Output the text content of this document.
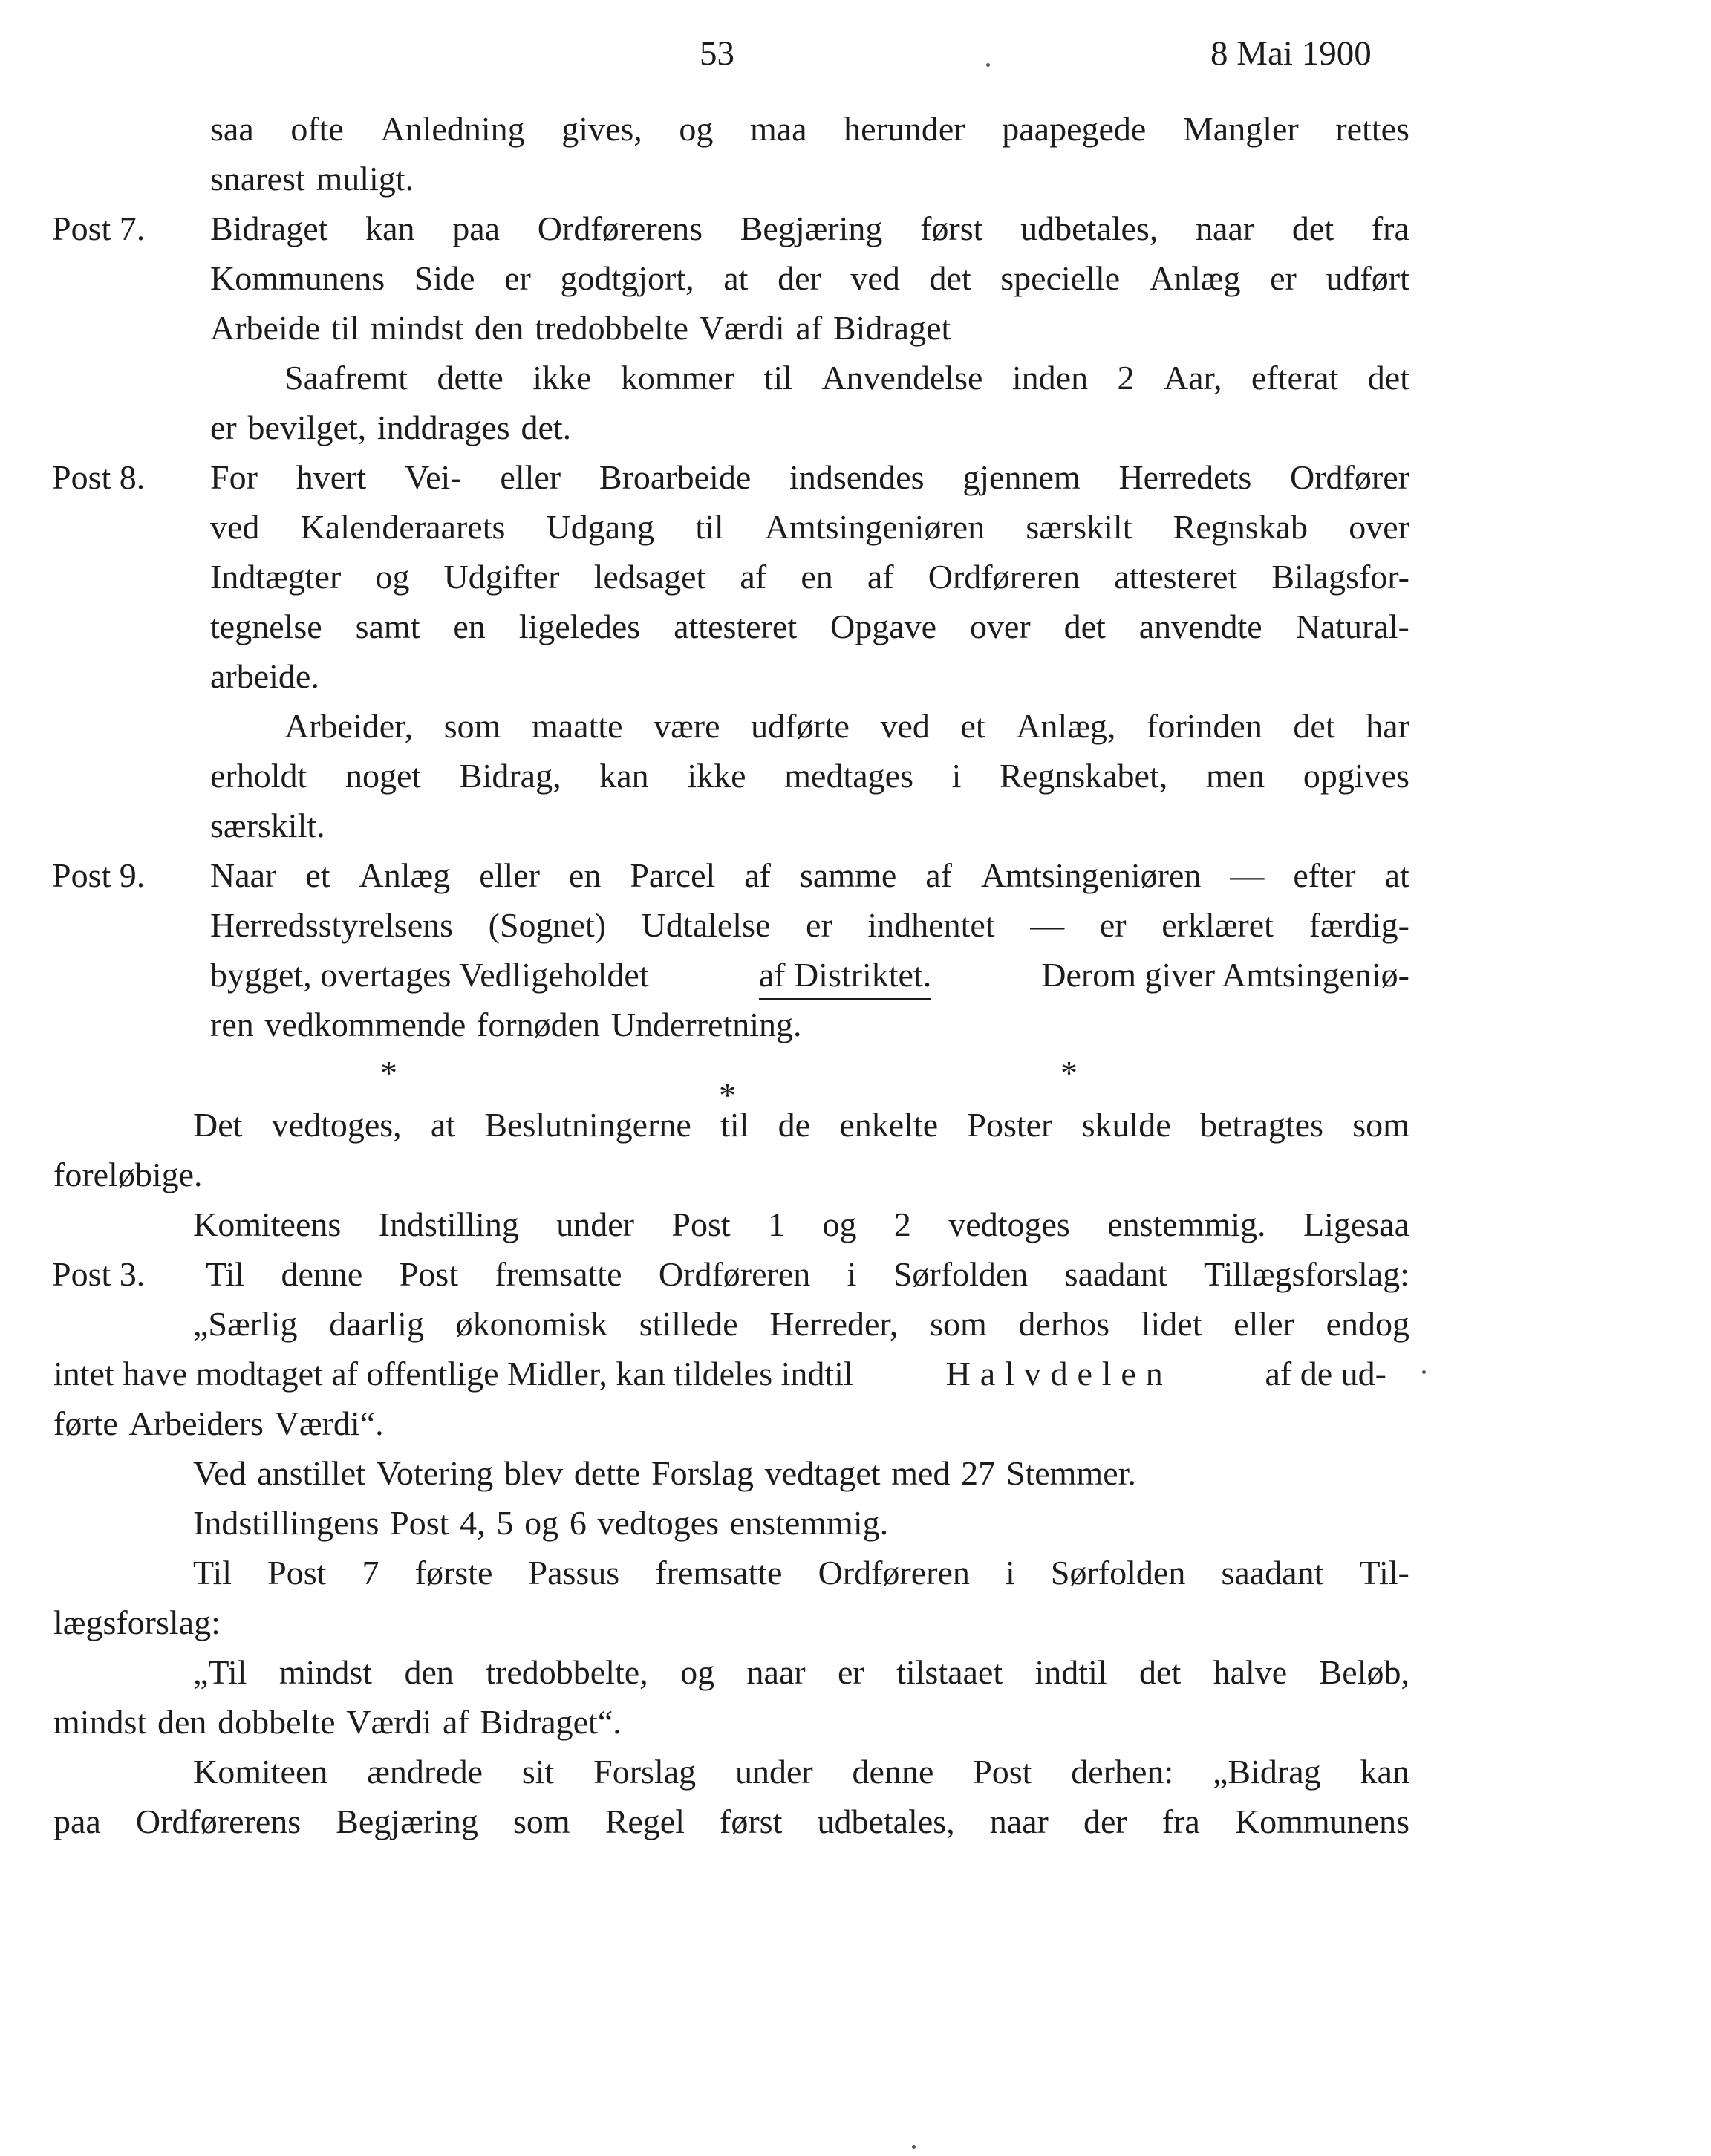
53	8 Mai 1900
saa ofte Anledning gives, og maa herunder paapegede Mangler rettes
snarest muligt.
Post 7. Bidraget kan paa Ordførerens Begjæring først udbetales, naar det fra
Kommunens Side er godtgjort, at der ved det specielle Anlæg er udført
Arbeide til mindst den tredobbelte Værdi af Bidraget
Saafremt dette ikke kommer til Anvendelse inden 2 Aar, efterat det
er bevilget, inddrages det.
Post 8. For hvert Vei- eller Broarbeide indsendes gjennem Herredets Ordfører
ved Kalenderaarets Udgang til Amtsingeniøren særskilt Regnskab over
Indtægter og Udgifter ledsaget af en af Ordføreren attesteret Bilagsfor-
tegnelse samt en ligeledes attesteret Opgave over det anvendte Natural-
arbeide.
Arbeider, som maatte være udførte ved et Anlæg, forinden det har
erholdt noget Bidrag, kan ikke medtages i Regnskabet, men opgives
særskilt.
Post 9. Naar et Anlæg eller en Parcel af samme af Amtsingeniøren — efter at
Herredsstyrelsens (Sognet) Udtalelse er indhentet — er erklæret færdig-
bygget, overtages Vedligeholdet	af Distriktet.	Derom giver Amtsingeniø-
ren vedkommende fornøden Underretning.
*
*
*
Det vedtoges, at Beslutningerne til de enkelte Poster skulde betragtes som
foreløbige.
Komiteens Indstilling under Post 1 og 2 vedtoges enstemmig. Ligesaa
Post 3. Til denne Post fremsatte Ordføreren i Sørfolden saadant Tillægsforslag:
„Særlig daarlig økonomisk stillede Herreder, som derhos lidet eller endog
intet have modtaget af offentlige Midler, kan tildeles indtil	Halvdelen	af de ud-
førte Arbeiders Værdi“.
Ved anstillet Votering blev dette Forslag vedtaget med 27 Stemmer.
Indstillingens Post 4, 5 og 6 vedtoges enstemmig.
Til Post 7 første Passus fremsatte Ordføreren i Sørfolden saadant Til-
lægsforslag:
„Til mindst den tredobbelte, og naar er tilstaaet indtil det halve Beløb,
mindst den dobbelte Værdi af Bidraget“.
Komiteen ændrede sit Forslag under denne Post derhen: „Bidrag kan
paa Ordførerens Begjæring som Regel først udbetales, naar der fra Kommunens
